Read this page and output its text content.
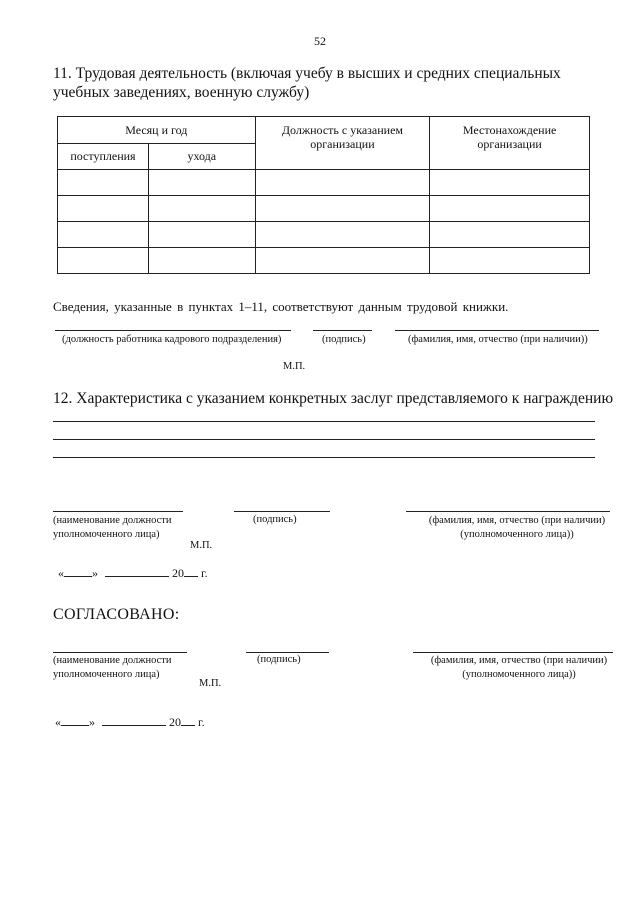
52
11. Трудовая деятельность (включая учебу в высших и средних специальных учебных заведениях, военную службу)
Месяц и год		Должность с указанием организации	Местонахождение организации
поступления	ухода		

Сведения, указанные в пунктах 1–11, соответствуют данным трудовой книжки.
(должность работника кадрового подразделения)	(подпись)	(фамилия, имя, отчество (при наличии))
М.П.
12. Характеристика с указанием конкретных заслуг представляемого к награждению
(наименование должности уполномоченного лица)
(подпись)	(фамилия, имя, отчество (при наличии) (уполномоченного лица))
М.П.
« »	20 г.
СОГЛАСОВАНО:
(наименование должности уполномоченного лица)
(подпись)	(фамилия, имя, отчество (при наличии) (уполномоченного лица))
М.П.
« »	20 г.
